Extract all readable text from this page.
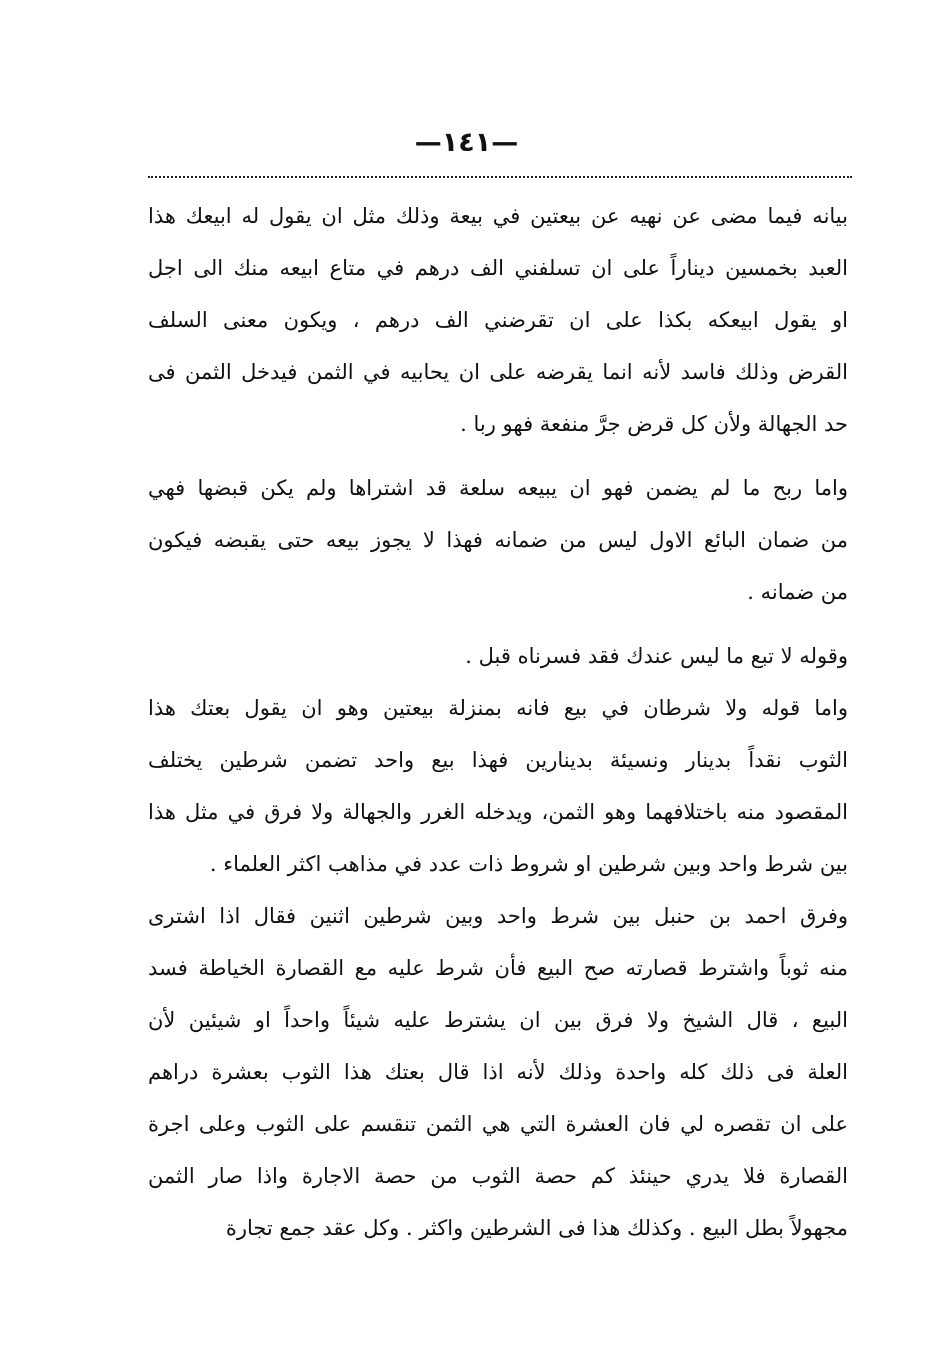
—١٤١—
بيانه فيما مضى عن نهيه عن بيعتين في بيعة وذلك مثل ان يقول له ابيعك هذا
العبد بخمسين ديناراً على ان تسلفني الف درهم في متاع ابيعه منك الى اجل
او يقول ابيعكه بكذا على ان تقرضني الف درهم ، ويكون معنى السلف
القرض وذلك فاسد لأنه انما يقرضه على ان يحابيه في الثمن فيدخل الثمن فى
حد الجهالة ولأن كل قرض جرَّ منفعة فهو ربا .
واما ربح ما لم يضمن فهو ان يبيعه سلعة قد اشتراها ولم يكن قبضها فهي
من ضمان البائع الاول ليس من ضمانه فهذا لا يجوز بيعه حتى يقبضه فيكون
من ضمانه .
وقوله لا تبع ما ليس عندك فقد فسرناه قبل .
واما قوله ولا شرطان في بيع فانه بمنزلة بيعتين وهو ان يقول بعتك هذا
الثوب نقداً بدينار ونسيئة بدينارين فهذا بيع واحد تضمن شرطين يختلف
المقصود منه باختلافهما وهو الثمن، ويدخله الغرر والجهالة ولا فرق في مثل هذا
بين شرط واحد وبين شرطين او شروط ذات عدد في مذاهب اكثر العلماء .
وفرق احمد بن حنبل بين شرط واحد وبين شرطين اثنين فقال اذا اشترى
منه ثوباً واشترط قصارته صح البيع فأن شرط عليه مع القصارة الخياطة فسد
البيع ، قال الشيخ ولا فرق بين ان يشترط عليه شيئاً واحداً او شيئين لأن
العلة فى ذلك كله واحدة وذلك لأنه اذا قال بعتك هذا الثوب بعشرة دراهم
على ان تقصره لي فان العشرة التي هي الثمن تنقسم على الثوب وعلى اجرة
القصارة فلا يدري حينئذ كم حصة الثوب من حصة الاجارة واذا صار الثمن
مجهولاً بطل البيع . وكذلك هذا فى الشرطين واكثر . وكل عقد جمع تجارة
